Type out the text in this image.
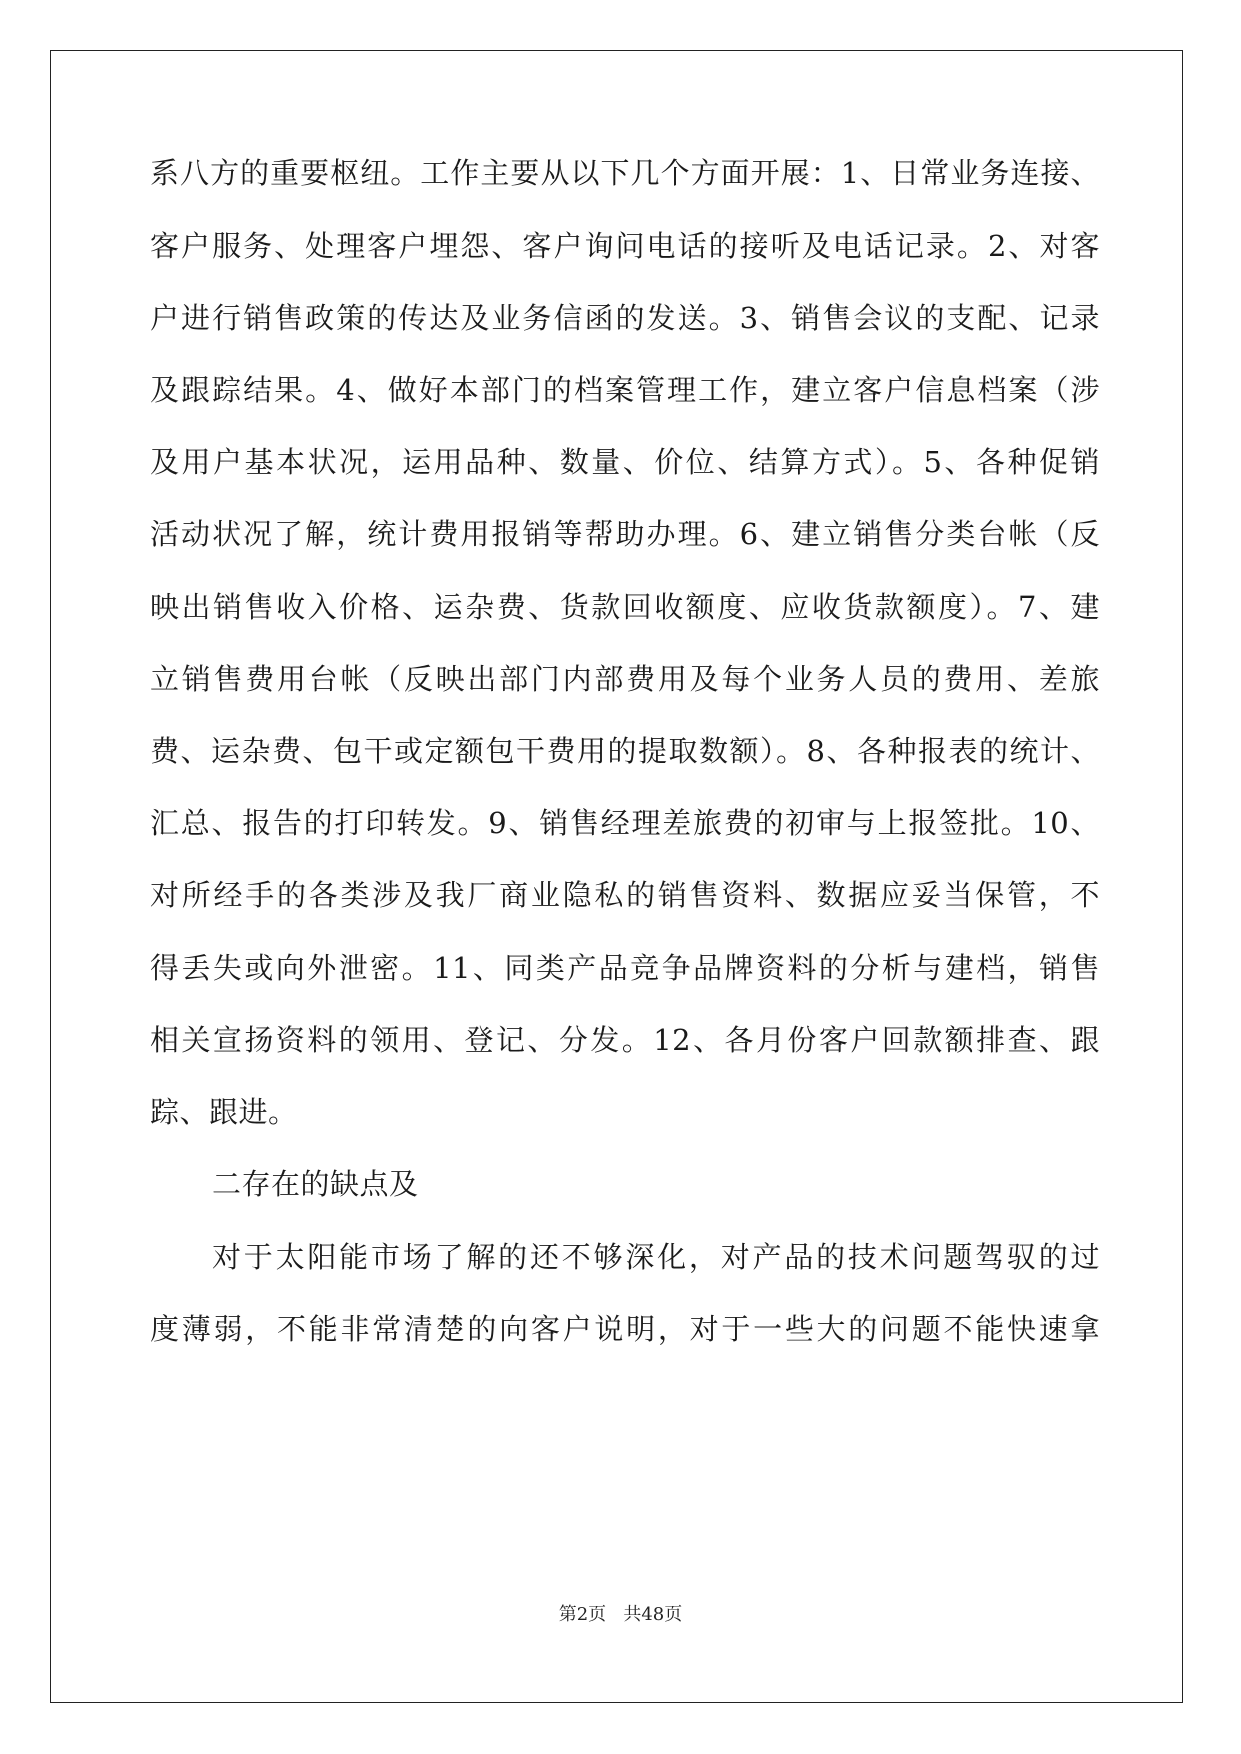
系八方的重要枢纽。工作主要从以下几个方面开展：1、日常业务连接、
客户服务、处理客户埋怨、客户询问电话的接听及电话记录。2、对客
户进行销售政策的传达及业务信函的发送。3、销售会议的支配、记录
及跟踪结果。4、做好本部门的档案管理工作，建立客户信息档案（涉
及用户基本状况，运用品种、数量、价位、结算方式）。5、各种促销
活动状况了解，统计费用报销等帮助办理。6、建立销售分类台帐（反
映出销售收入价格、运杂费、货款回收额度、应收货款额度）。7、建
立销售费用台帐（反映出部门内部费用及每个业务人员的费用、差旅
费、运杂费、包干或定额包干费用的提取数额）。8、各种报表的统计、
汇总、报告的打印转发。9、销售经理差旅费的初审与上报签批。10、
对所经手的各类涉及我厂商业隐私的销售资料、数据应妥当保管，不
得丢失或向外泄密。11、同类产品竞争品牌资料的分析与建档，销售
相关宣扬资料的领用、登记、分发。12、各月份客户回款额排查、跟
踪、跟进。
二存在的缺点及
对于太阳能市场了解的还不够深化，对产品的技术问题驾驭的过
度薄弱，不能非常清楚的向客户说明，对于一些大的问题不能快速拿
第2页 共48页
